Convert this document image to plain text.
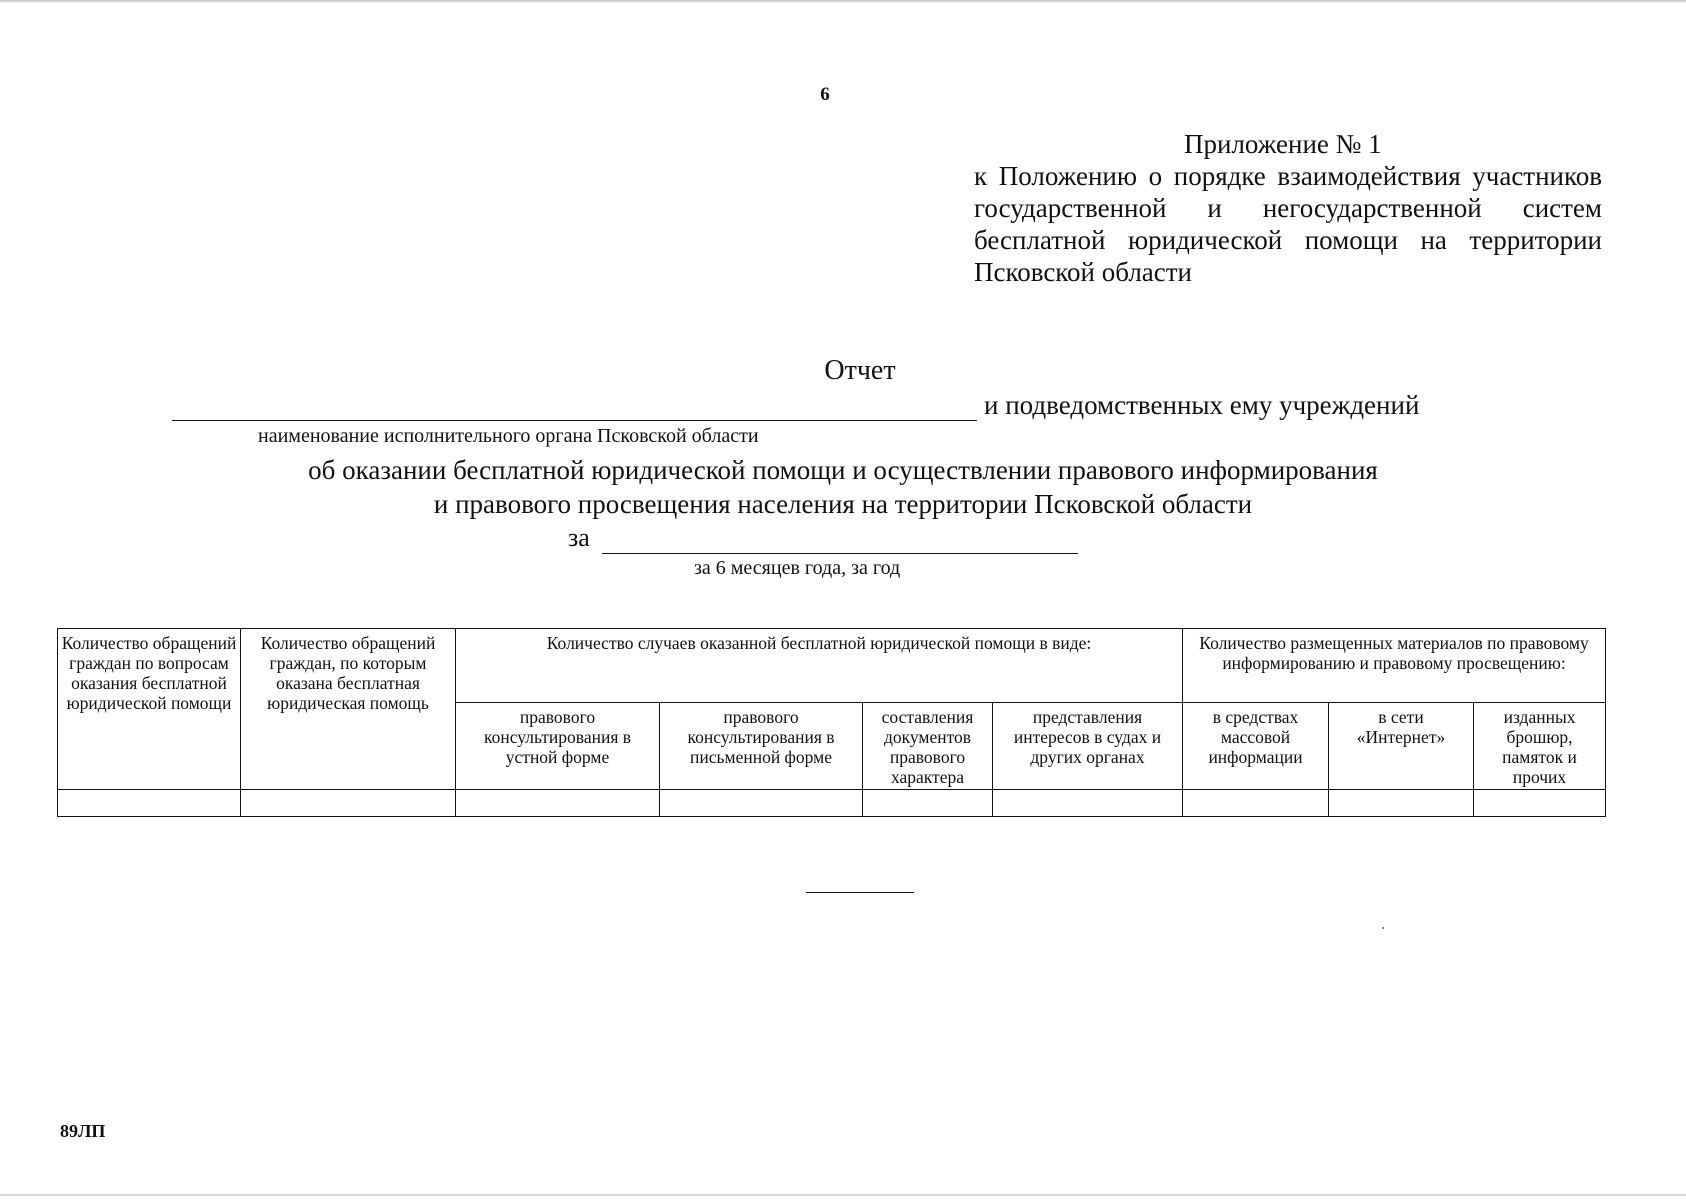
6
Приложение № 1
к Положению о порядке взаимодействия участников государственной и негосударственной систем бесплатной юридической помощи на территории Псковской области
Отчет
и подведомственных ему учреждений
наименование исполнительного органа Псковской области
об оказании бесплатной юридической помощи и осуществлении правового информирования
и правового просвещения населения на территории Псковской области
за
за 6 месяцев года, за год
Количество обращений граждан по вопросам оказания бесплатной юридической помощи	Количество обращений граждан, по которым оказана бесплатная юридическая помощь	Количество случаев оказанной бесплатной юридической помощи в виде:				Количество размещенных материалов по правовому информированию и правовому просвещению:		
		правового консультирования в устной форме	правового консультирования в письменной форме	составления документов правового характера	представления интересов в судах и других органах	в средствах массовой информации	в сети «Интернет»	изданных брошюр, памяток и прочих

89ЛП
